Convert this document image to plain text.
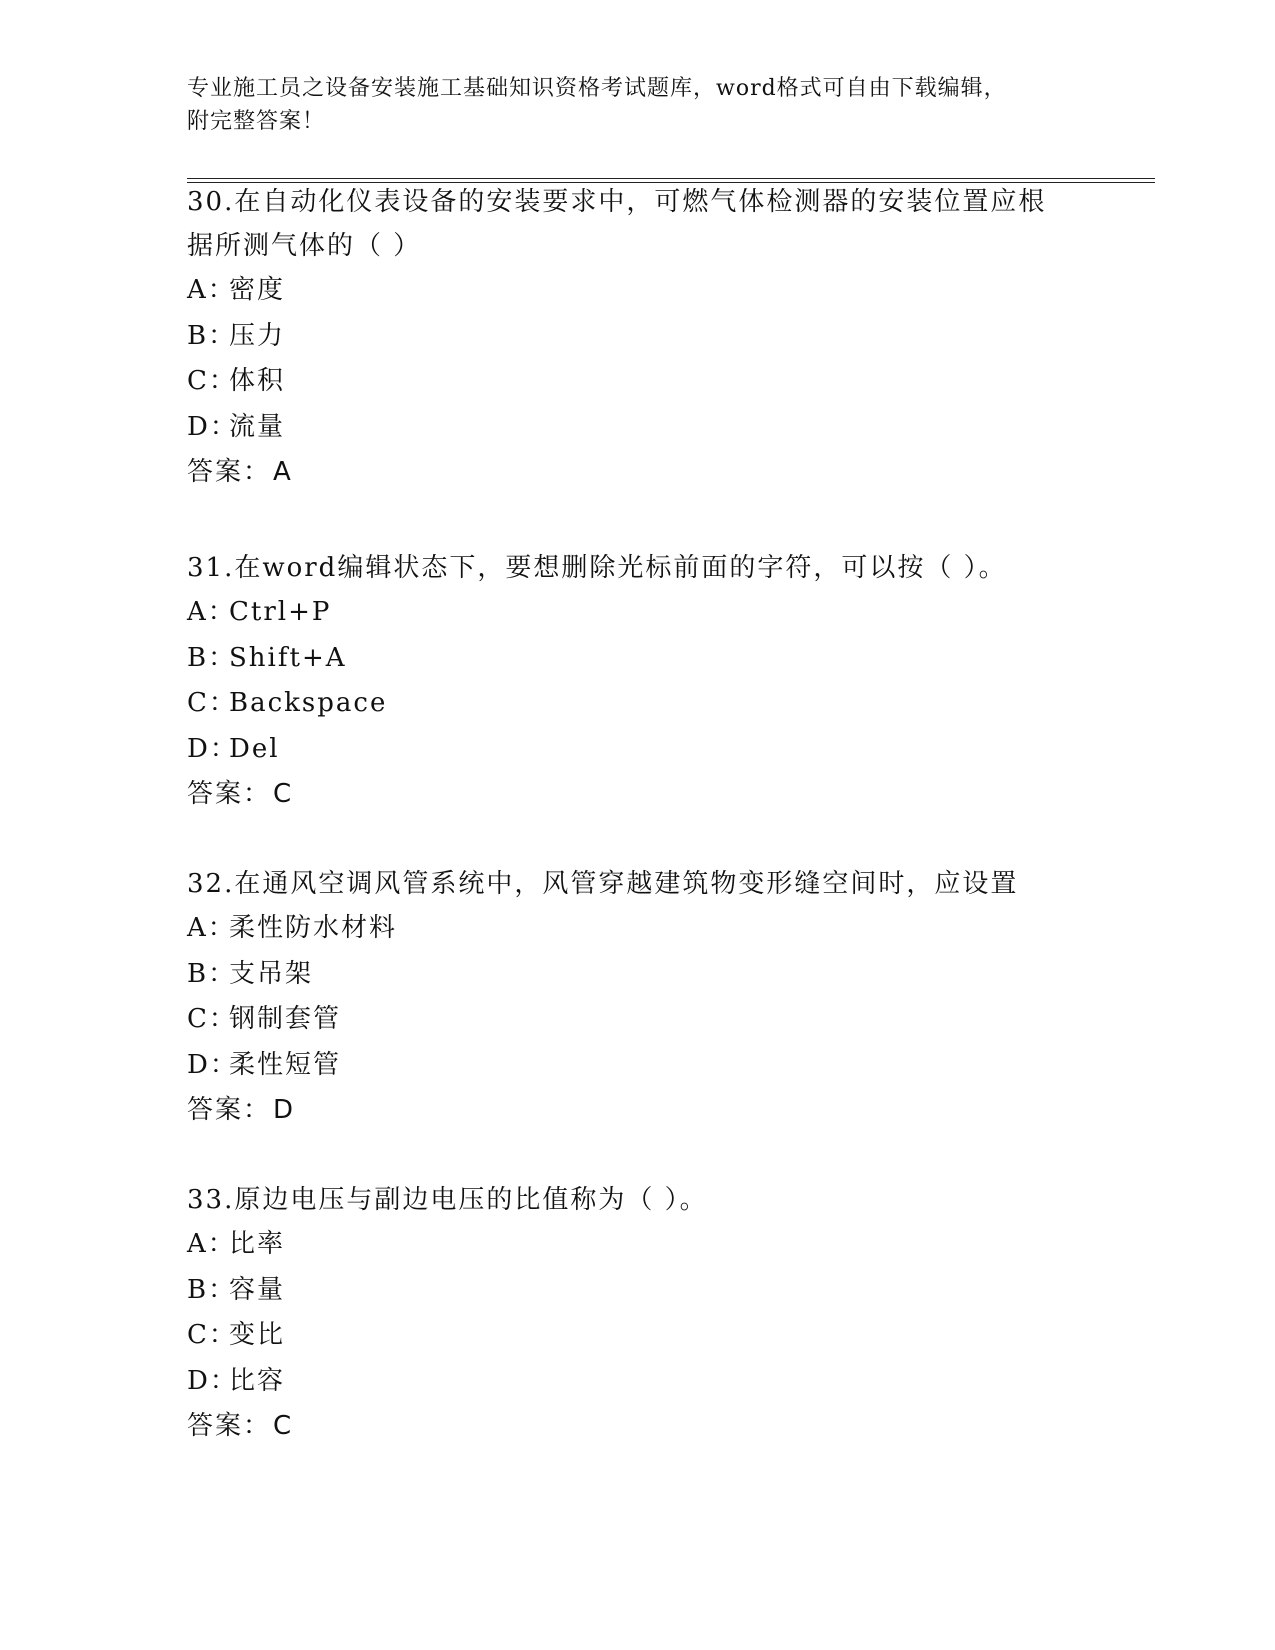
专业施工员之设备安装施工基础知识资格考试题库，word格式可自由下载编辑，
附完整答案！
30.在自动化仪表设备的安装要求中，可燃气体检测器的安装位置应根
据所测气体的（ ）
A：
密度
B：
压力
C：
体积
D：
流量
答案：A
31.在word编辑状态下，要想删除光标前面的字符，可以按（ ）。
A：
Ctrl+P
B：
Shift+A
C：
Backspace
D：
Del
答案：C
32.在通风空调风管系统中，风管穿越建筑物变形缝空间时，应设置
A：
柔性防水材料
B：
支吊架
C：
钢制套管
D：
柔性短管
答案：D
33.原边电压与副边电压的比值称为（ ）。
A：
比率
B：
容量
C：
变比
D：
比容
答案：C
